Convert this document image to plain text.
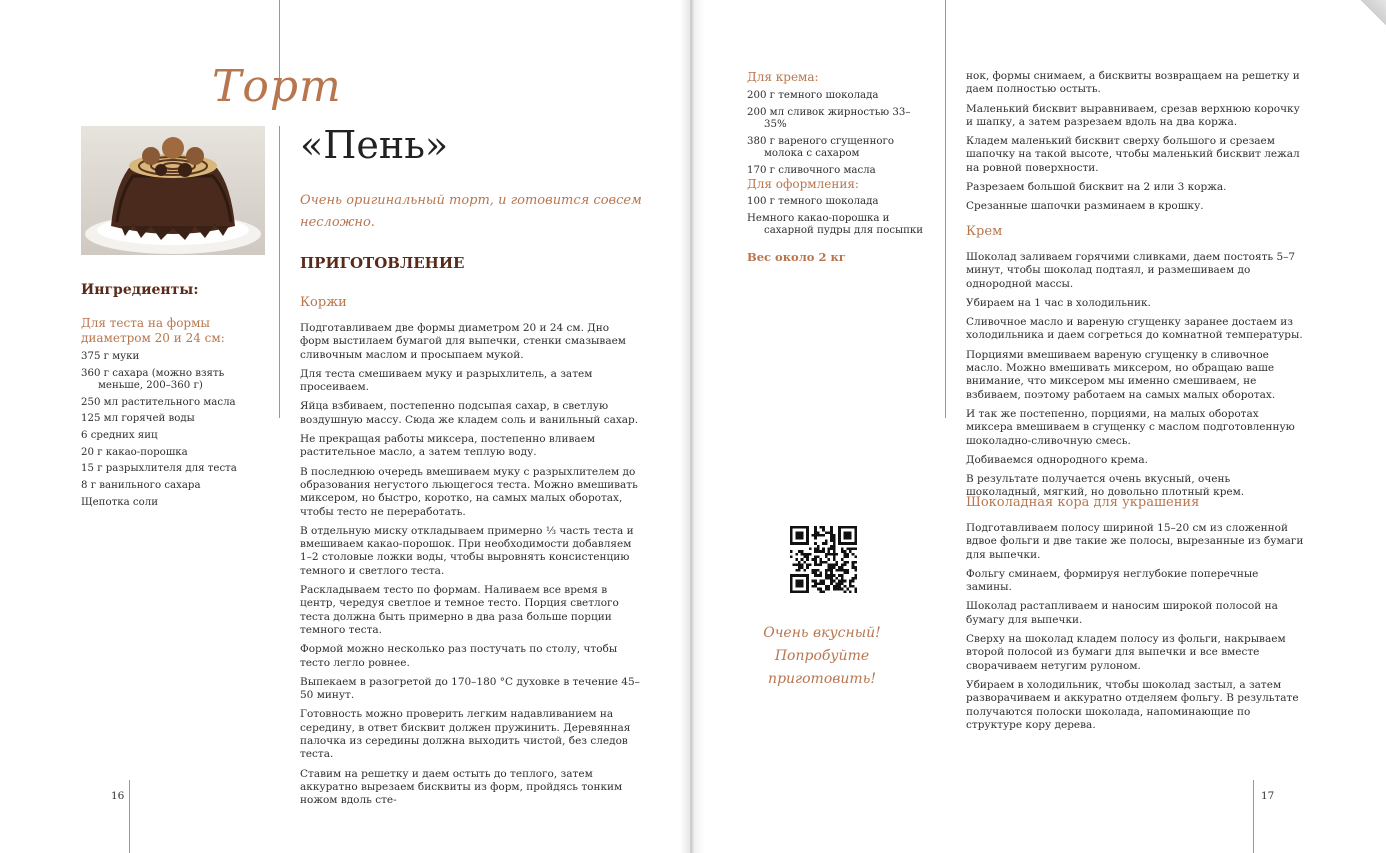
Торт
«Пень»
Очень оригинальный торт, и готовится совсем несложно.
Ингредиенты:
Для теста на формы диаметром 20 и 24 см:
375 г муки
360 г сахара (можно взять меньше, 200–360 г)
250 мл растительного масла
125 мл горячей воды
6 средних яиц
20 г какао-порошка
15 г разрыхлителя для теста
8 г ванильного сахара
Щепотка соли
ПРИГОТОВЛЕНИЕ
Коржи

Подготавливаем две формы диаметром 20 и 24 см. Дно форм выстилаем бумагой для выпечки, стенки смазываем сливочным маслом и просыпаем мукой.

Для теста смешиваем муку и разрыхлитель, а затем просеиваем.

Яйца взбиваем, постепенно подсыпая сахар, в светлую воздушную массу. Сюда же кладем соль и ванильный сахар.

Не прекращая работы миксера, постепенно вливаем растительное масло, а затем теплую воду.

В последнюю очередь вмешиваем муку с разрыхлителем до образования негустого льющегося теста. Можно вмешивать миксером, но быстро, коротко, на самых малых оборотах, чтобы тесто не переработать.

В отдельную миску откладываем примерно ⅓ часть теста и вмешиваем какао-порошок. При необходимости добавляем 1–2 столовые ложки воды, чтобы выровнять консистенцию темного и светлого теста.

Раскладываем тесто по формам. Наливаем все время в центр, чередуя светлое и темное тесто. Порция светлого теста должна быть примерно в два раза больше порции темного теста.

Формой можно несколько раз постучать по столу, чтобы тесто легло ровнее.

Выпекаем в разогретой до 170–180 °С духовке в течение 45–50 минут.

Готовность можно проверить легким надавливанием на середину, в ответ бисквит должен пружинить. Деревянная палочка из середины должна выходить чистой, без следов теста.

Ставим на решетку и даем остыть до теплого, затем аккуратно вырезаем бисквиты из форм, пройдясь тонким ножом вдоль сте-

16
Для крема:
200 г темного шоколада
200 мл сливок жирностью 33–35%
380 г вареного сгущенного молока с сахаром
170 г сливочного масла
Для оформления:
100 г темного шоколада
Немного какао-порошка и сахарной пудры для посыпки
Вес около 2 кг
Очень вкусный!
Попробуйте
приготовить!

нок, формы снимаем, а бисквиты возвращаем на решетку и даем полностью остыть.

Маленький бисквит выравниваем, срезав верхнюю корочку и шапку, а затем разрезаем вдоль на два коржа.

Кладем маленький бисквит сверху большого и срезаем шапочку на такой высоте, чтобы маленький бисквит лежал на ровной поверхности.

Разрезаем большой бисквит на 2 или 3 коржа.

Срезанные шапочки разминаем в крошку.

Крем

Шоколад заливаем горячими сливками, даем постоять 5–7 минут, чтобы шоколад подтаял, и размешиваем до однородной массы.

Убираем на 1 час в холодильник.

Сливочное масло и вареную сгущенку заранее достаем из холодильника и даем согреться до комнатной температуры.

Порциями вмешиваем вареную сгущенку в сливочное масло. Можно вмешивать миксером, но обращаю ваше внимание, что миксером мы именно смешиваем, не взбиваем, поэтому работаем на самых малых оборотах.

И так же постепенно, порциями, на малых оборотах миксера вмешиваем в сгущенку с маслом подготовленную шоколадно-сливочную смесь.

Добиваемся однородного крема.

В результате получается очень вкусный, очень шоколадный, мягкий, но довольно плотный крем.

Шоколадная кора для украшения

Подготавливаем полосу шириной 15–20 см из сложенной вдвое фольги и две такие же полосы, вырезанные из бумаги для выпечки.

Фольгу сминаем, формируя неглубокие поперечные замины.

Шоколад растапливаем и наносим широкой полосой на бумагу для выпечки.

Сверху на шоколад кладем полосу из фольги, накрываем второй полосой из бумаги для выпечки и все вместе сворачиваем нетугим рулоном.

Убираем в холодильник, чтобы шоколад застыл, а затем разворачиваем и аккуратно отделяем фольгу. В результате получаются полоски шоколада, напоминающие по структуре кору дерева.

17
